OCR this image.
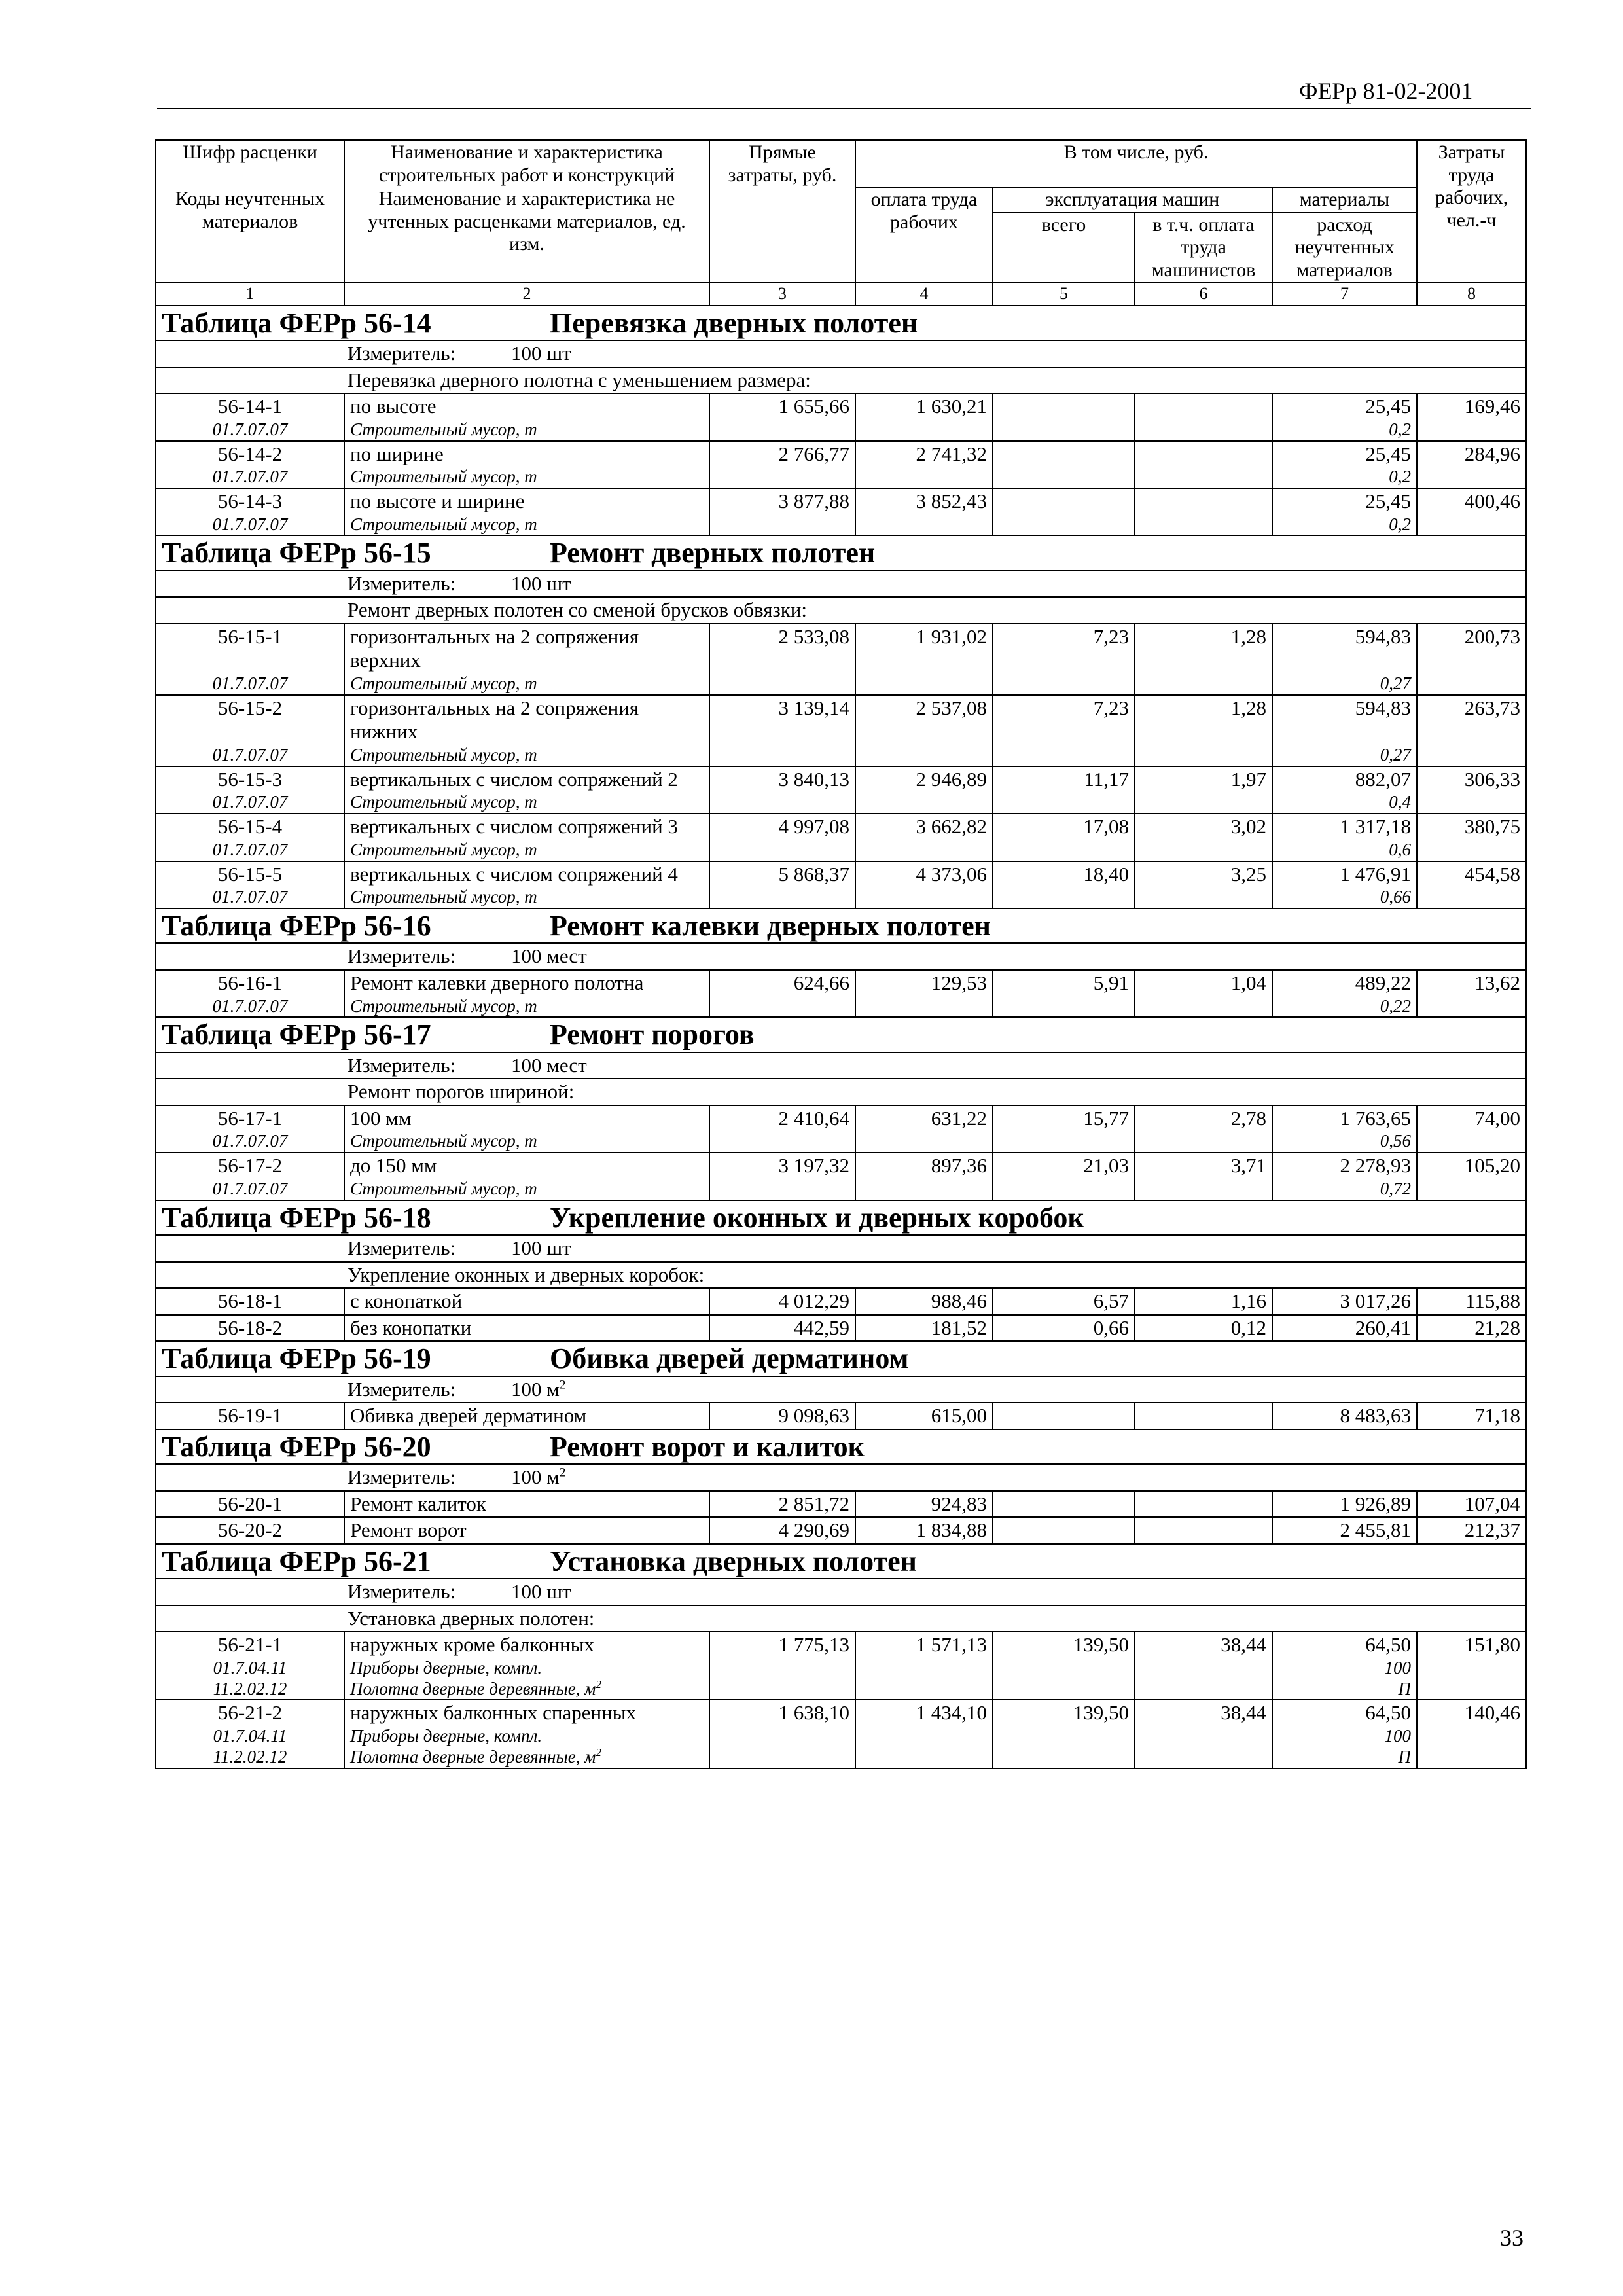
ФЕРр 81-02-2001
Шифр расценки	Наименование и характеристика строительных работ и конструкций	Прямые затраты, руб.	В том числе, руб.				Затраты труда рабочих, чел.-ч
Коды неучтенных материалов	Наименование и характеристика не учтенных расценками материалов, ед. изм.		оплата труда рабочих	эксплуатация машин		материалы	
				всего	в т.ч. оплата труда машинистов	расход неучтенных материалов	

1	2	3	4	5	6	7	8
Таблица ФЕРр 56-14 Перевязка дверных полотен							
Измеритель: 100 шт							
Перевязка дверного полотна с уменьшением размера:							
56-14-1	по высоте	1 655,66	1 630,21			25,45	169,46
01.7.07.07	Строительный мусор, т					0,2	
56-14-2	по ширине	2 766,77	2 741,32			25,45	284,96
01.7.07.07	Строительный мусор, т					0,2	
56-14-3	по высоте и ширине	3 877,88	3 852,43			25,45	400,46
01.7.07.07	Строительный мусор, т					0,2	
Таблица ФЕРр 56-15 Ремонт дверных полотен							
Измеритель: 100 шт							
Ремонт дверных полотен со сменой брусков обвязки:							
56-15-1	горизонтальных на 2 сопряжения верхних	2 533,08	1 931,02	7,23	1,28	594,83	200,73
01.7.07.07	Строительный мусор, т					0,27	
56-15-2	горизонтальных на 2 сопряжения нижних	3 139,14	2 537,08	7,23	1,28	594,83	263,73
01.7.07.07	Строительный мусор, т					0,27	
56-15-3	вертикальных с числом сопряжений 2	3 840,13	2 946,89	11,17	1,97	882,07	306,33
01.7.07.07	Строительный мусор, т					0,4	
56-15-4	вертикальных с числом сопряжений 3	4 997,08	3 662,82	17,08	3,02	1 317,18	380,75
01.7.07.07	Строительный мусор, т					0,6	
56-15-5	вертикальных с числом сопряжений 4	5 868,37	4 373,06	18,40	3,25	1 476,91	454,58
01.7.07.07	Строительный мусор, т					0,66	
Таблица ФЕРр 56-16 Ремонт калевки дверных полотен							
Измеритель: 100 мест							
56-16-1	Ремонт калевки дверного полотна	624,66	129,53	5,91	1,04	489,22	13,62
01.7.07.07	Строительный мусор, т					0,22	
Таблица ФЕРр 56-17 Ремонт порогов							
Измеритель: 100 мест							
Ремонт порогов шириной:							
56-17-1	100 мм	2 410,64	631,22	15,77	2,78	1 763,65	74,00
01.7.07.07	Строительный мусор, т					0,56	
56-17-2	до 150 мм	3 197,32	897,36	21,03	3,71	2 278,93	105,20
01.7.07.07	Строительный мусор, т					0,72	
Таблица ФЕРр 56-18 Укрепление оконных и дверных коробок							
Измеритель: 100 шт							
Укрепление оконных и дверных коробок:							
56-18-1	с конопаткой	4 012,29	988,46	6,57	1,16	3 017,26	115,88
56-18-2	без конопатки	442,59	181,52	0,66	0,12	260,41	21,28
Таблица ФЕРр 56-19 Обивка дверей дерматином							
Измеритель: 100 $м^2$
56-19-1	Обивка дверей дерматином	9 098,63	615,00			8 483,63	71,18
Таблица ФЕРр 56-20 Ремонт ворот и калиток							
Измеритель: 100 $м^2$
56-20-1	Ремонт калиток	2 851,72	924,83			1 926,89	107,04
56-20-2	Ремонт ворот	4 290,69	1 834,88			2 455,81	212,37
Таблица ФЕРр 56-21 Установка дверных полотен							
Измеритель: 100 шт							
Установка дверных полотен:							
56-21-1	наружных кроме балконных	1 775,13	1 571,13	139,50	38,44	64,50	151,80
01.7.04.11	Приборы дверные, компл.					100	
11.2.02.12	Полотна дверные деревянные, $м^2$					П	
56-21-2	наружных балконных спаренных	1 638,10	1 434,10	139,50	38,44	64,50	140,46
01.7.04.11	Приборы дверные, компл.					100	
11.2.02.12	Полотна дверные деревянные, $м^2$					П	
33
